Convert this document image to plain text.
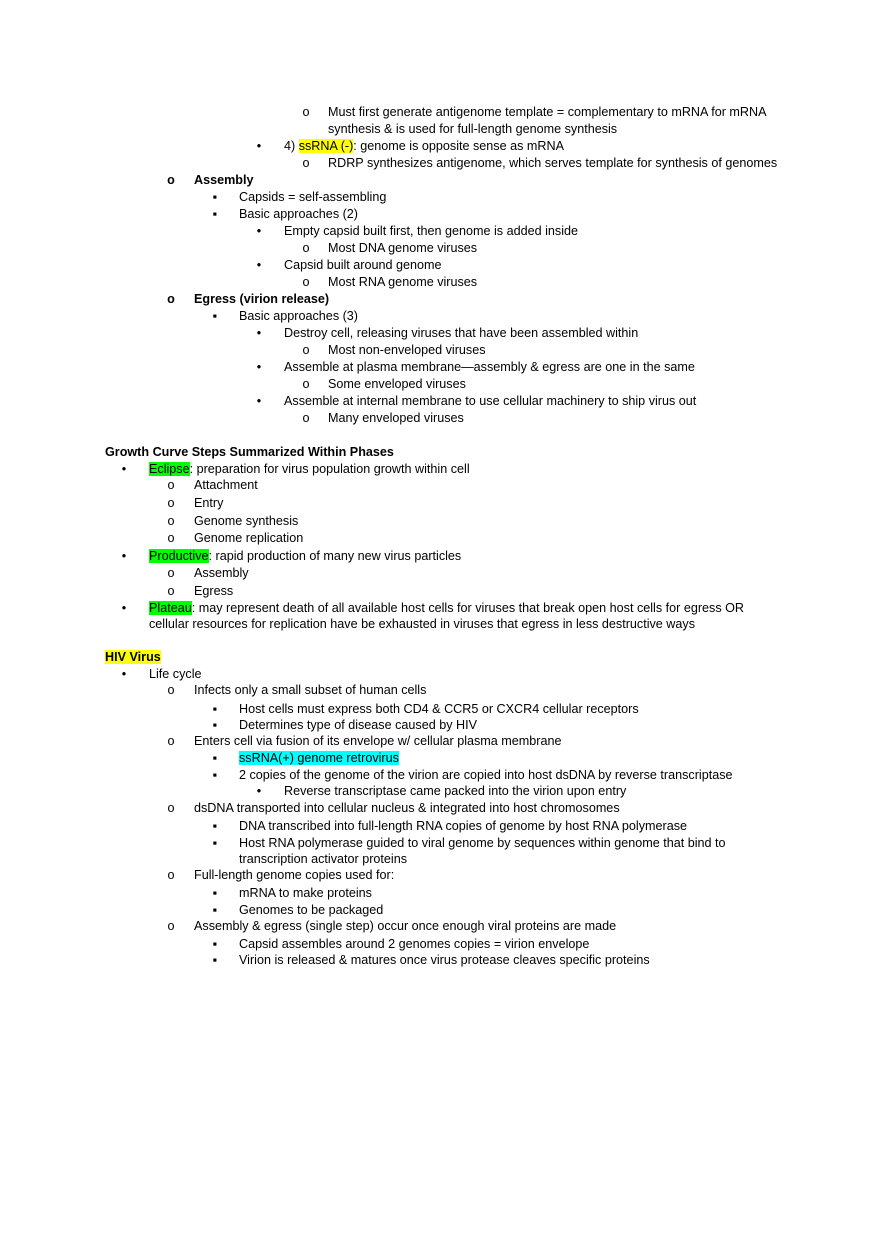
o Must first generate antigenome template = complementary to mRNA for mRNA
synthesis & is used for full-length genome synthesis
•	4) ssRNA (-): genome is opposite sense as mRNA
o RDRP synthesizes antigenome, which serves template for synthesis of genomes
o Assembly
▪ Capsids = self-assembling
▪ Basic approaches (2)
•	Empty capsid built first, then genome is added inside
o Most DNA genome viruses
•	Capsid built around genome
o Most RNA genome viruses
o Egress (virion release)
▪ Basic approaches (3)
•	Destroy cell, releasing viruses that have been assembled within
o Most non-enveloped viruses
•	Assemble at plasma membrane—assembly & egress are one in the same
o Some enveloped viruses
•	Assemble at internal membrane to use cellular machinery to ship virus out
o Many enveloped viruses
Growth Curve Steps Summarized Within Phases
•	Eclipse: preparation for virus population growth within cell
o Attachment
o Entry
o Genome synthesis
o Genome replication
•	Productive: rapid production of many new virus particles
o Assembly
o Egress
•	Plateau: may represent death of all available host cells for viruses that break open host cells for egress OR
cellular resources for replication have be exhausted in viruses that egress in less destructive ways
HIV Virus
•	Life cycle
o Infects only a small subset of human cells
▪ Host cells must express both CD4 & CCR5 or CXCR4 cellular receptors
▪ Determines type of disease caused by HIV
o Enters cell via fusion of its envelope w/ cellular plasma membrane
▪ ssRNA(+) genome retrovirus
▪ 2 copies of the genome of the virion are copied into host dsDNA by reverse transcriptase
•	Reverse transcriptase came packed into the virion upon entry
o dsDNA transported into cellular nucleus & integrated into host chromosomes
▪ DNA transcribed into full-length RNA copies of genome by host RNA polymerase
▪ Host RNA polymerase guided to viral genome by sequences within genome that bind to
transcription activator proteins
o Full-length genome copies used for:
▪ mRNA to make proteins
▪ Genomes to be packaged
o Assembly & egress (single step) occur once enough viral proteins are made
▪ Capsid assembles around 2 genomes copies = virion envelope
▪ Virion is released & matures once virus protease cleaves specific proteins
